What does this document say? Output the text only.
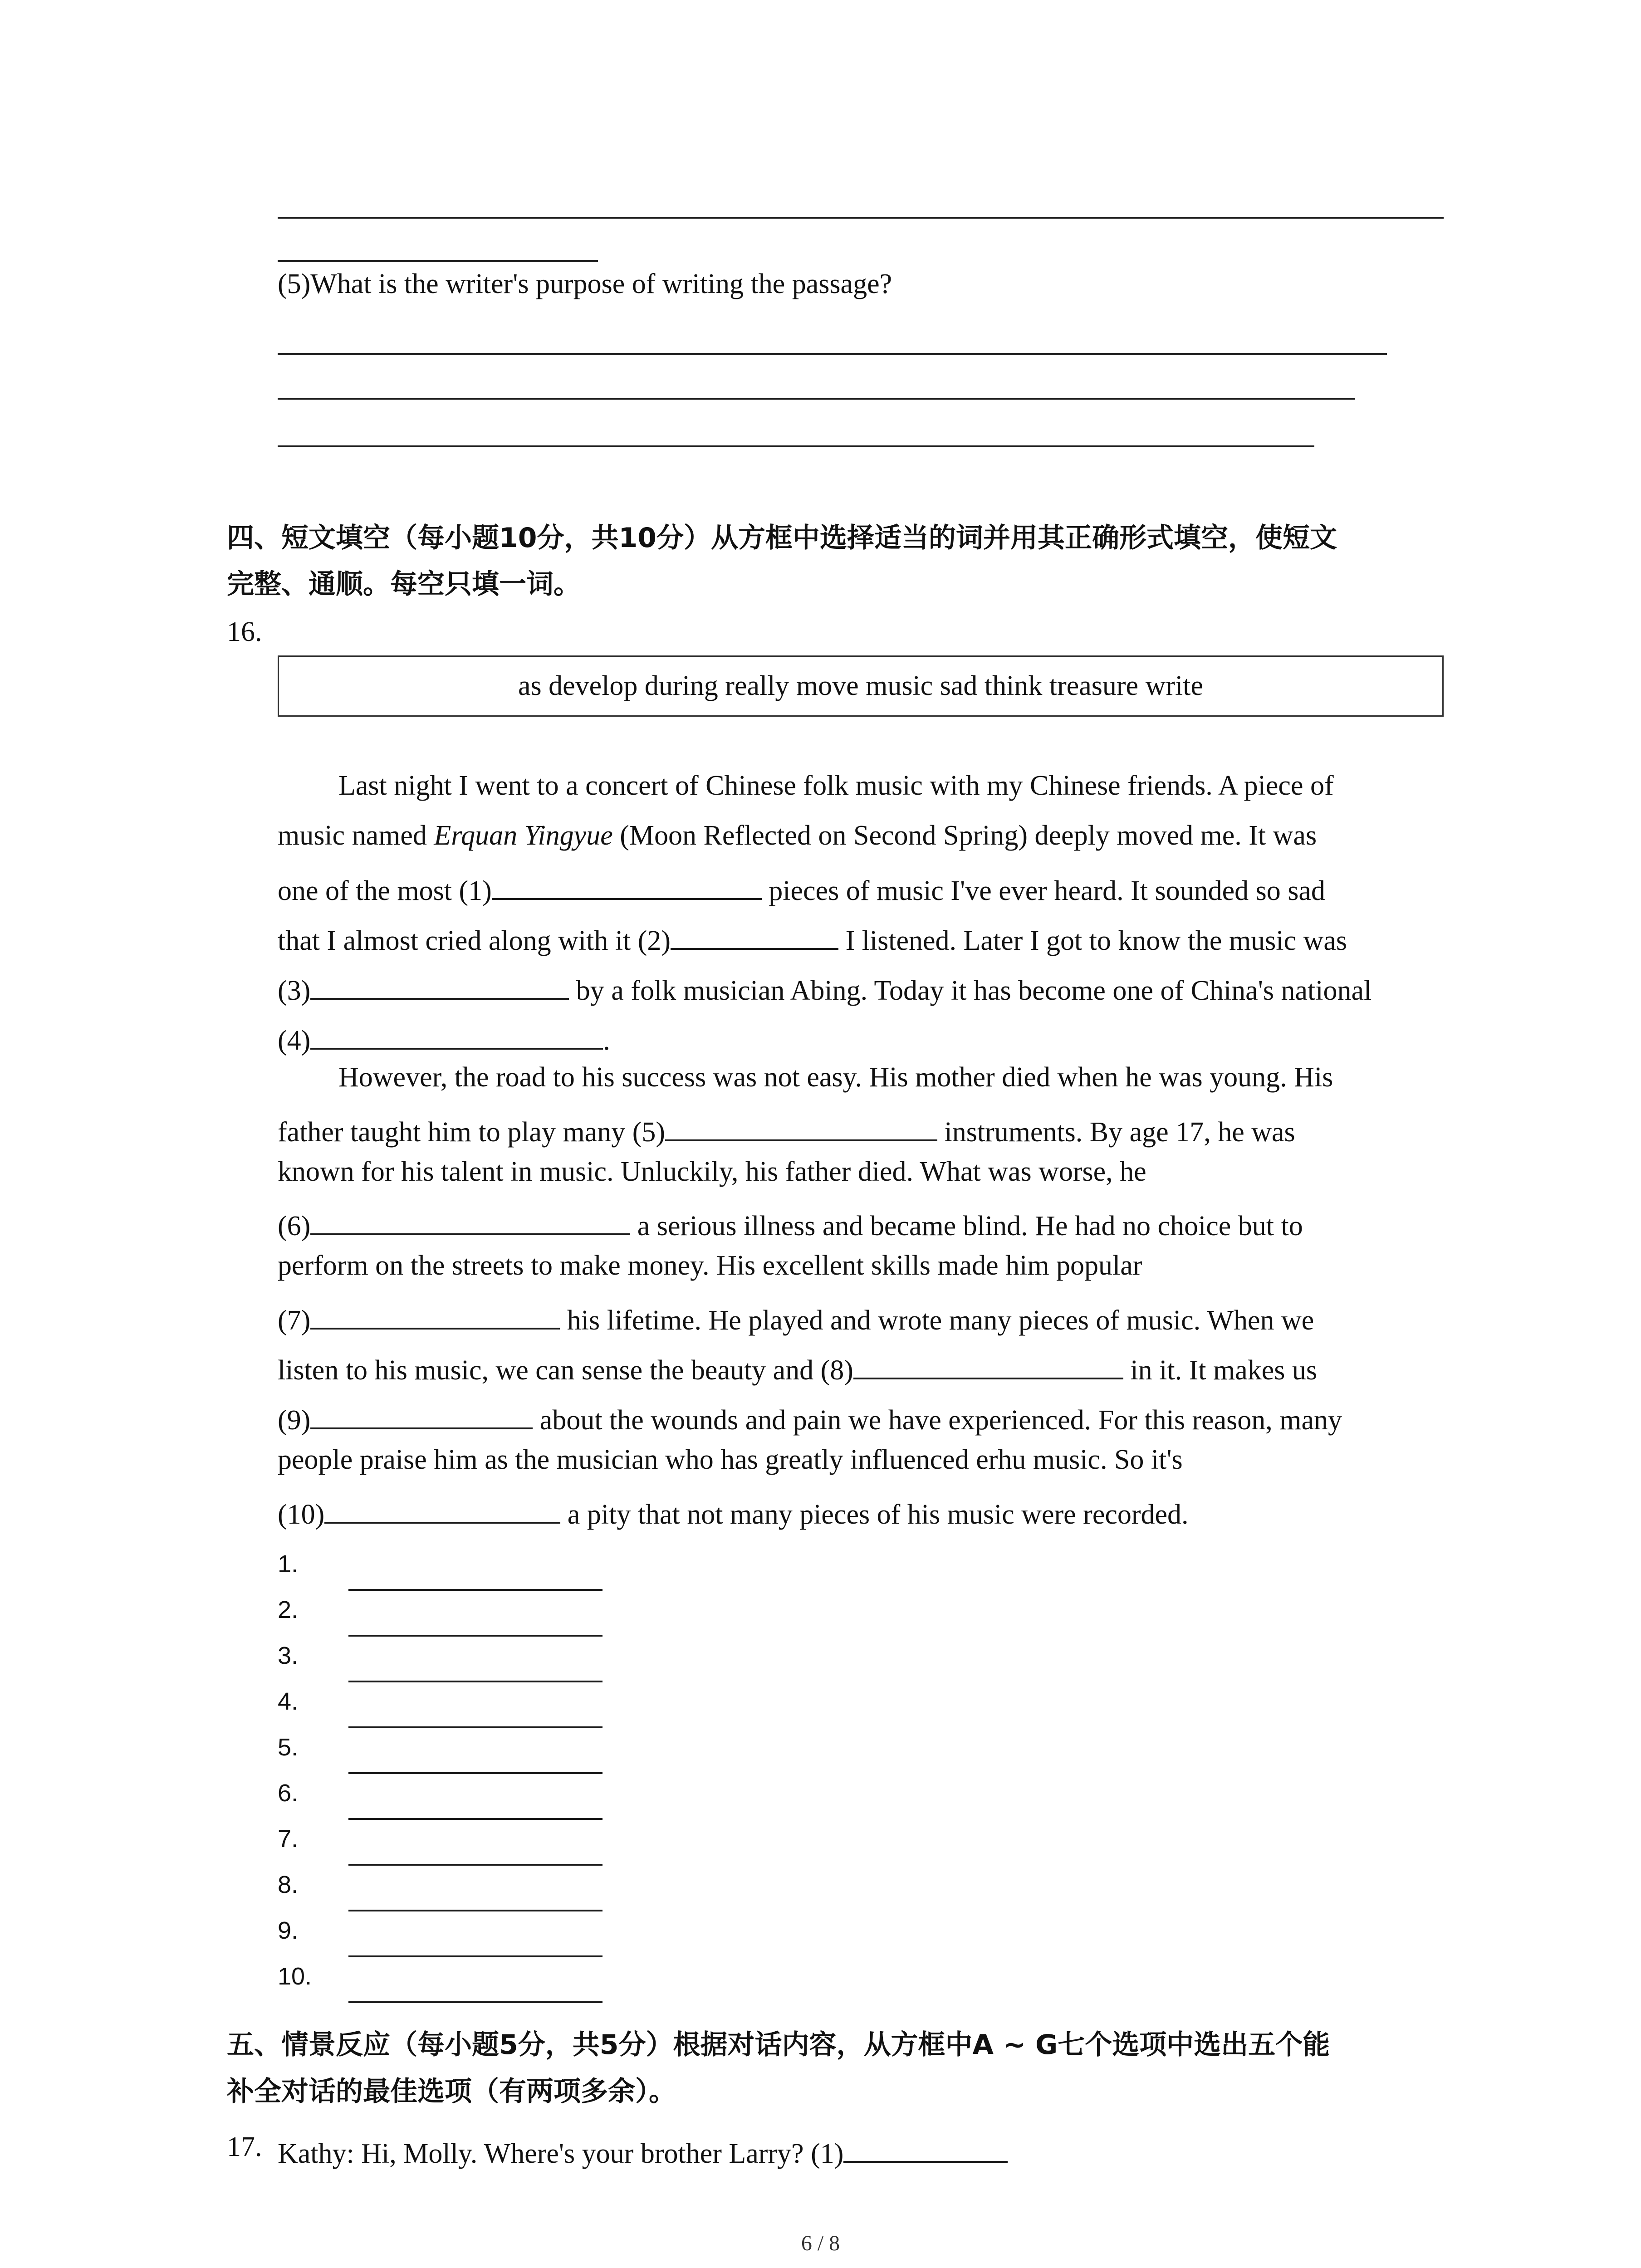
(5)What is the writer's purpose of writing the passage?
四、短文填空（每小题10分，共10分）从方框中选择适当的词并用其正确形式填空，使短文
完整、通顺。每空只填一词。
16.
as develop during really move music sad think treasure write
Last night I went to a concert of Chinese folk music with my Chinese friends. A piece of
music named Erquan Yingyue (Moon Reflected on Second Spring) deeply moved me. It was
one of the most (1)	pieces of music I've ever heard. It sounded so sad
that I almost cried along with it (2)	I listened. Later I got to know the music was
(3)	by a folk musician Abing. Today it has become one of China's national
(4)	.
However, the road to his success was not easy. His mother died when he was young. His
father taught him to play many (5)	instruments. By age 17, he was
known for his talent in music. Unluckily, his father died. What was worse, he
(6)	a serious illness and became blind. He had no choice but to
perform on the streets to make money. His excellent skills made him popular
(7)	his lifetime. He played and wrote many pieces of music. When we
listen to his music, we can sense the beauty and (8)	in it. It makes us
(9)	about the wounds and pain we have experienced. For this reason, many
people praise him as the musician who has greatly influenced erhu music. So it's
(10)	a pity that not many pieces of his music were recorded.
1.
2.
3.
4.
5.
6.
7.
8.
9.
10.
五、情景反应（每小题5分，共5分）根据对话内容，从方框中A ~ G七个选项中选出五个能
补全对话的最佳选项（有两项多余）。
17. Kathy: Hi, Molly. Where's your brother Larry? (1)
6 / 8
